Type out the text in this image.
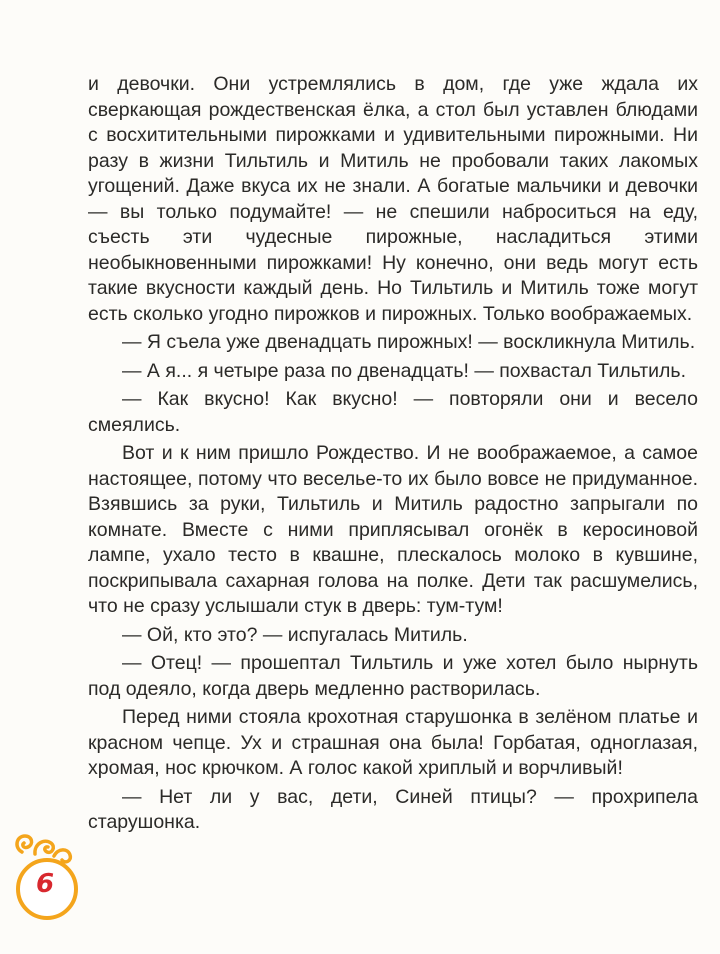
и девочки. Они устремлялись в дом, где уже ждала их сверкающая рождественская ёлка, а стол был уставлен блюдами с восхитительными пирожками и удивительными пирожными. Ни разу в жизни Тильтиль и Митиль не пробовали таких лакомых угощений. Даже вкуса их не знали. А богатые мальчики и девочки — вы только подумайте! — не спешили наброситься на еду, съесть эти чудесные пирожные, насладиться этими необыкновенными пирожками! Ну конечно, они ведь могут есть такие вкусности каждый день. Но Тильтиль и Митиль тоже могут есть сколько угодно пирожков и пирожных. Только воображаемых.

— Я съела уже двенадцать пирожных! — воскликнула Митиль.

— А я... я четыре раза по двенадцать! — похвастал Тильтиль.

— Как вкусно! Как вкусно! — повторяли они и весело смеялись.

Вот и к ним пришло Рождество. И не воображаемое, а самое настоящее, потому что веселье-то их было вовсе не придуманное. Взявшись за руки, Тильтиль и Митиль радостно запрыгали по комнате. Вместе с ними приплясывал огонёк в керосиновой лампе, ухало тесто в квашне, плескалось молоко в кувшине, поскрипывала сахарная голова на полке. Дети так расшумелись, что не сразу услышали стук в дверь: тум-тум!

— Ой, кто это? — испугалась Митиль.

— Отец! — прошептал Тильтиль и уже хотел было нырнуть под одеяло, когда дверь медленно растворилась.

Перед ними стояла крохотная старушонка в зелёном платье и красном чепце. Ух и страшная она была! Горбатая, одноглазая, хромая, нос крючком. А голос какой хриплый и ворчливый!

— Нет ли у вас, дети, Синей птицы? — прохрипела старушонка.

6
